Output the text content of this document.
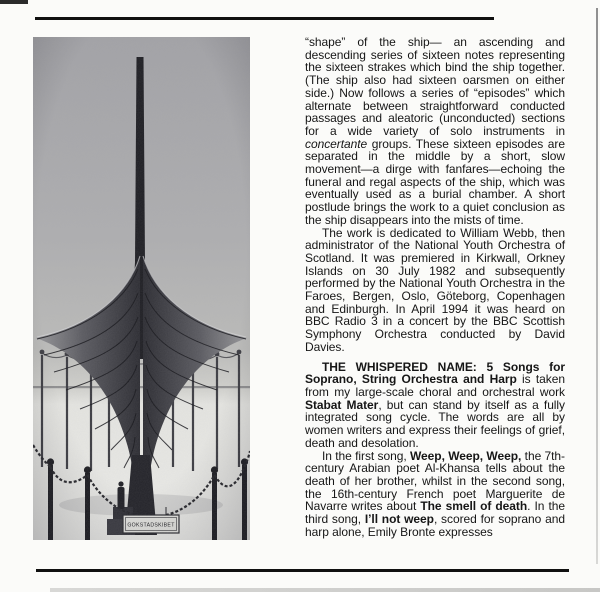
“shape” of the ship— an ascending and descending series of sixteen notes representing the sixteen strakes which bind the ship together. (The ship also had sixteen oarsmen on either side.) Now follows a series of “episodes” which alternate between straightforward conducted passages and aleatoric (unconducted) sections for a wide variety of solo instruments in concertante groups. These sixteen episodes are separated in the middle by a short, slow movement—a dirge with fanfares—echoing the funeral and regal aspects of the ship, which was eventually used as a burial chamber. A short postlude brings the work to a quiet conclusion as the ship disappears into the mists of time.

The work is dedicated to William Webb, then administrator of the National Youth Orchestra of Scotland. It was premiered in Kirkwall, Orkney Islands on 30 July 1982 and subsequently performed by the National Youth Orchestra in the Faroes, Bergen, Oslo, Göteborg, Copenhagen and Edinburgh. In April 1994 it was heard on BBC Radio 3 in a concert by the BBC Scottish Symphony Orchestra conducted by David Davies.

THE WHISPERED NAME: 5 Songs for Soprano, String Orchestra and Harp is taken from my large-scale choral and orchestral work Stabat Mater, but can stand by itself as a fully integrated song cycle. The words are all by women writers and express their feelings of grief, death and desolation.

In the first song, Weep, Weep, Weep, the 7th-century Arabian poet Al-Khansa tells about the death of her brother, whilst in the second song, the 16th-century French poet Marguerite de Navarre writes about The smell of death. In the third song, I’ll not weep, scored for soprano and harp alone, Emily Bronte expresses
